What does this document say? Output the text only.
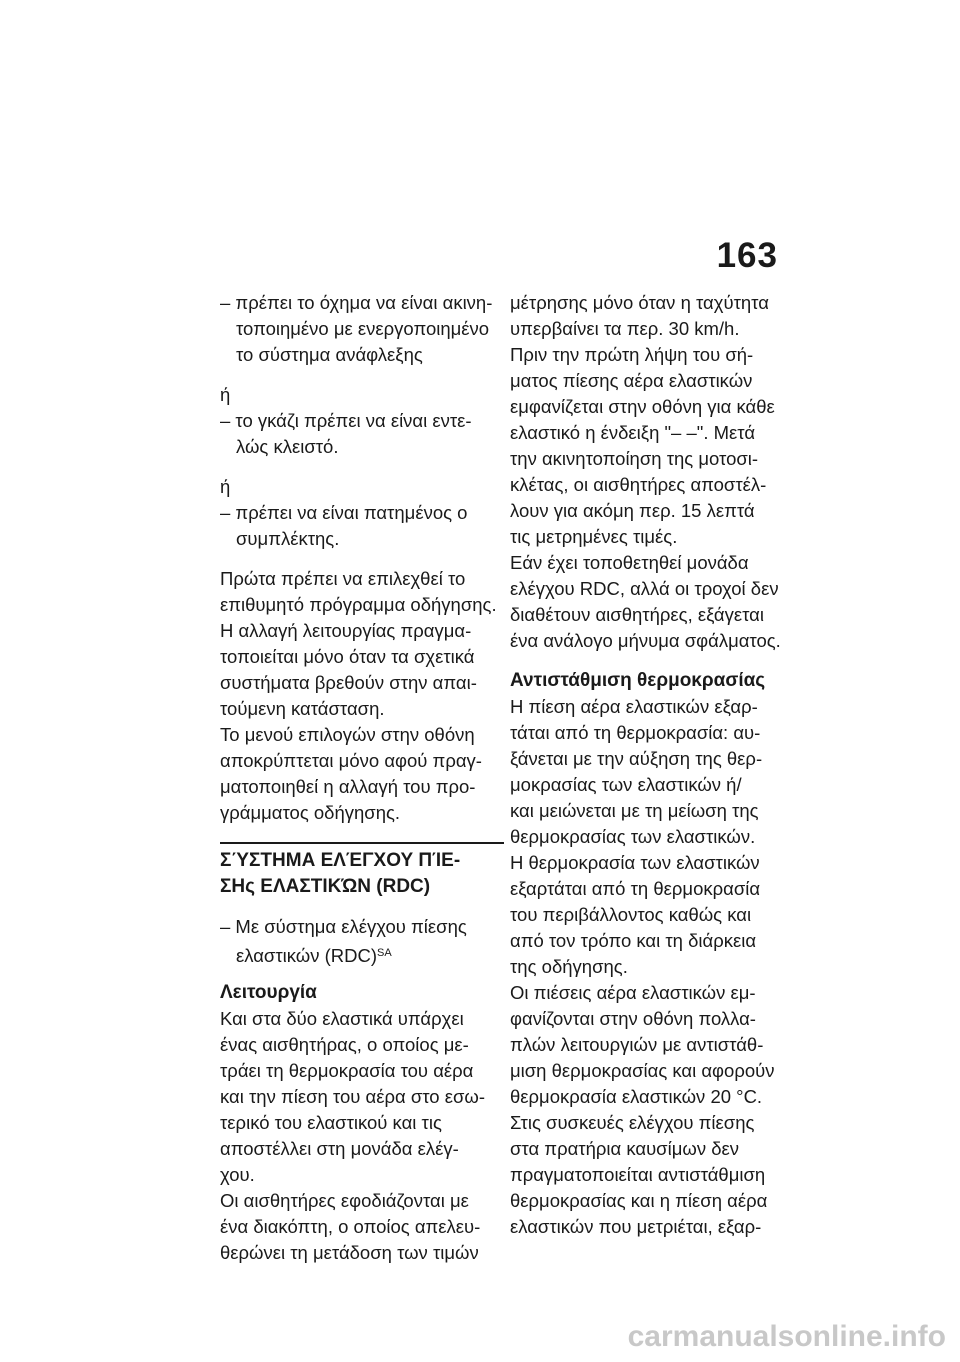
163
– πρέπει το όχημα να είναι ακινη-
τοποιημένο με ενεργοποιημένο
το σύστημα ανάφλεξης
ή
– το γκάζι πρέπει να είναι εντε-
λώς κλειστό.
ή
– πρέπει να είναι πατημένος ο
συμπλέκτης.
Πρώτα πρέπει να επιλεχθεί το
επιθυμητό πρόγραμμα οδήγησης.
Η αλλαγή λειτουργίας πραγμα-
τοποιείται μόνο όταν τα σχετικά
συστήματα βρεθούν στην απαι-
τούμενη κατάσταση.
Το μενού επιλογών στην οθόνη
αποκρύπτεται μόνο αφού πραγ-
ματοποιηθεί η αλλαγή του προ-
γράμματος οδήγησης.
ΣΎΣΤΗΜΑ ΕΛΈΓΧΟΥ ΠΊΕ-
ΣΗς ΕΛΑΣΤΙΚΏΝ (RDC)
– Με σύστημα ελέγχου πίεσης
ελαστικών (RDC)$^{SA}$
Λειτουργία
Και στα δύο ελαστικά υπάρχει
ένας αισθητήρας, ο οποίος με-
τράει τη θερμοκρασία του αέρα
και την πίεση του αέρα στο εσω-
τερικό του ελαστικού και τις
αποστέλλει στη μονάδα ελέγ-
χου.
Οι αισθητήρες εφοδιάζονται με
ένα διακόπτη, ο οποίος απελευ-
θερώνει τη μετάδοση των τιμών
μέτρησης μόνο όταν η ταχύτητα
υπερβαίνει τα περ. 30 km/h.
Πριν την πρώτη λήψη του σή-
ματος πίεσης αέρα ελαστικών
εμφανίζεται στην οθόνη για κάθε
ελαστικό η ένδειξη "– –". Μετά
την ακινητοποίηση της μοτοσι-
κλέτας, οι αισθητήρες αποστέλ-
λουν για ακόμη περ. 15 λεπτά
τις μετρημένες τιμές.
Εάν έχει τοποθετηθεί μονάδα
ελέγχου RDC, αλλά οι τροχοί δεν
διαθέτουν αισθητήρες, εξάγεται
ένα ανάλογο μήνυμα σφάλματος.
Αντιστάθμιση θερμοκρασίας
Η πίεση αέρα ελαστικών εξαρ-
τάται από τη θερμοκρασία: αυ-
ξάνεται με την αύξηση της θερ-
μοκρασίας των ελαστικών ή/
και μειώνεται με τη μείωση της
θερμοκρασίας των ελαστικών.
Η θερμοκρασία των ελαστικών
εξαρτάται από τη θερμοκρασία
του περιβάλλοντος καθώς και
από τον τρόπο και τη διάρκεια
της οδήγησης.
Οι πιέσεις αέρα ελαστικών εμ-
φανίζονται στην οθόνη πολλα-
πλών λειτουργιών με αντιστάθ-
μιση θερμοκρασίας και αφορούν
θερμοκρασία ελαστικών 20 °C.
Στις συσκευές ελέγχου πίεσης
στα πρατήρια καυσίμων δεν
πραγματοποιείται αντιστάθμιση
θερμοκρασίας και η πίεση αέρα
ελαστικών που μετριέται, εξαρ-
carmanualsonline.info
